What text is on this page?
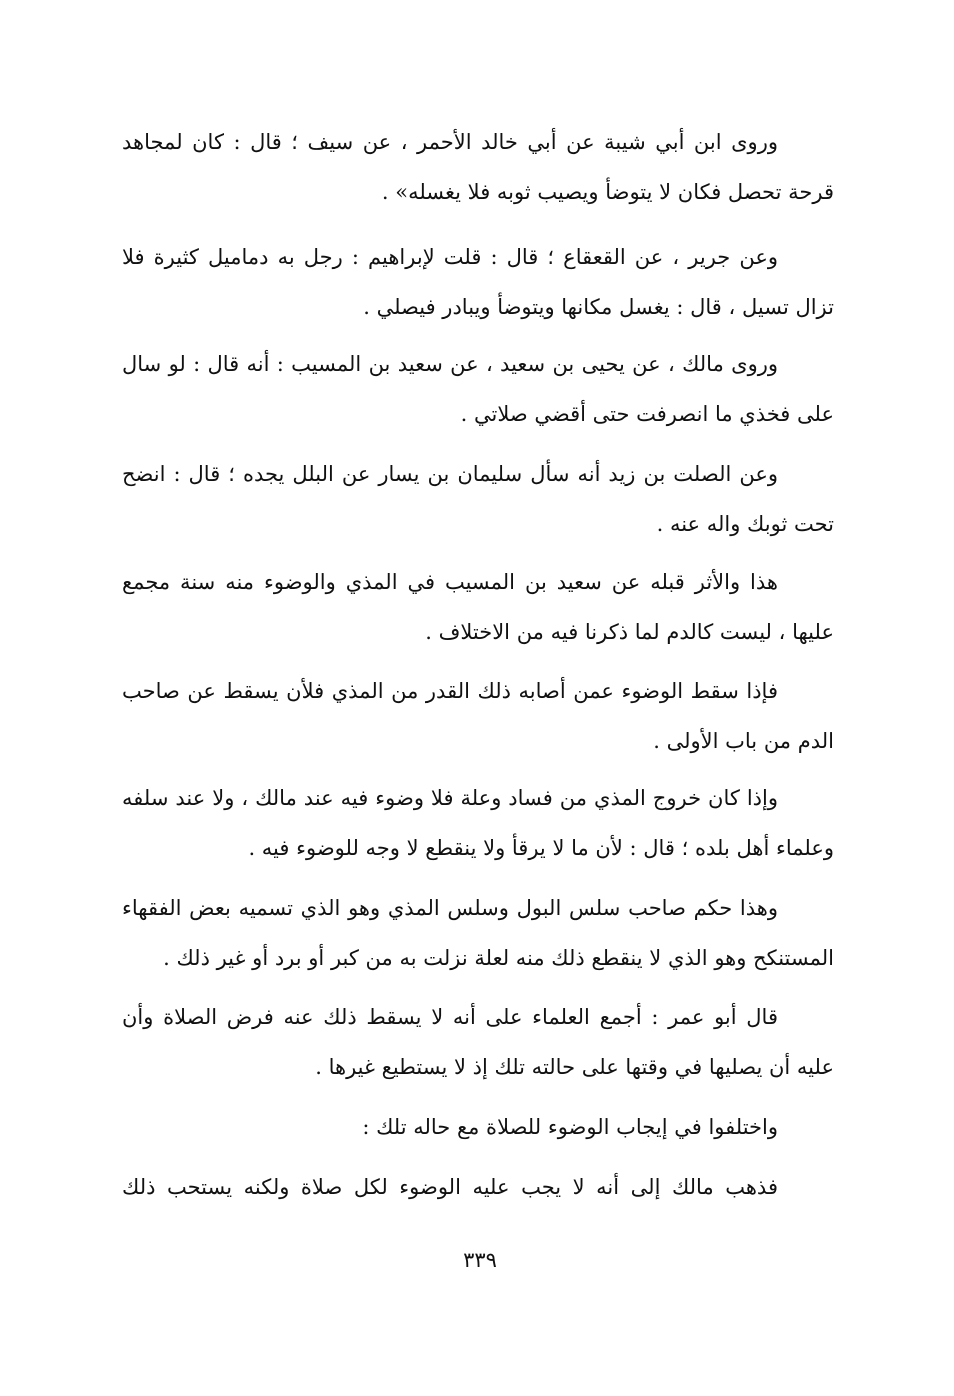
وروى ابن أبي شيبة عن أبي خالد الأحمر ، عن سيف ؛ قال : كان لمجاهد
قرحة تحصل فكان لا يتوضأ ويصيب ثوبه فلا يغسله» .
وعن جرير ، عن القعقاع ؛ قال : قلت لإبراهيم : رجل به دماميل كثيرة فلا
تزال تسيل ، قال : يغسل مكانها ويتوضأ ويبادر فيصلي .
وروى مالك ، عن يحيى بن سعيد ، عن سعيد بن المسيب : أنه قال : لو سال
على فخذي ما انصرفت حتى أقضي صلاتي .
وعن الصلت بن زيد أنه سأل سليمان بن يسار عن البلل يجده ؛ قال : انضح
تحت ثوبك واله عنه .
هذا والأثر قبله عن سعيد بن المسيب في المذي والوضوء منه سنة مجمع
عليها ، ليست كالدم لما ذكرنا فيه من الاختلاف .
فإذا سقط الوضوء عمن أصابه ذلك القدر من المذي فلأن يسقط عن صاحب
الدم من باب الأولى .
وإذا كان خروج المذي من فساد وعلة فلا وضوء فيه عند مالك ، ولا عند سلفه
وعلماء أهل بلده ؛ قال : لأن ما لا يرقأ ولا ينقطع لا وجه للوضوء فيه .
وهذا حكم صاحب سلس البول وسلس المذي وهو الذي تسميه بعض الفقهاء
المستنكح وهو الذي لا ينقطع ذلك منه لعلة نزلت به من كبر أو برد أو غير ذلك .
قال أبو عمر : أجمع العلماء على أنه لا يسقط ذلك عنه فرض الصلاة وأن
عليه أن يصليها في وقتها على حالته تلك إذ لا يستطيع غيرها .
واختلفوا في إيجاب الوضوء للصلاة مع حاله تلك :
فذهب مالك إلى أنه لا يجب عليه الوضوء لكل صلاة ولكنه يستحب ذلك
٣٣٩
